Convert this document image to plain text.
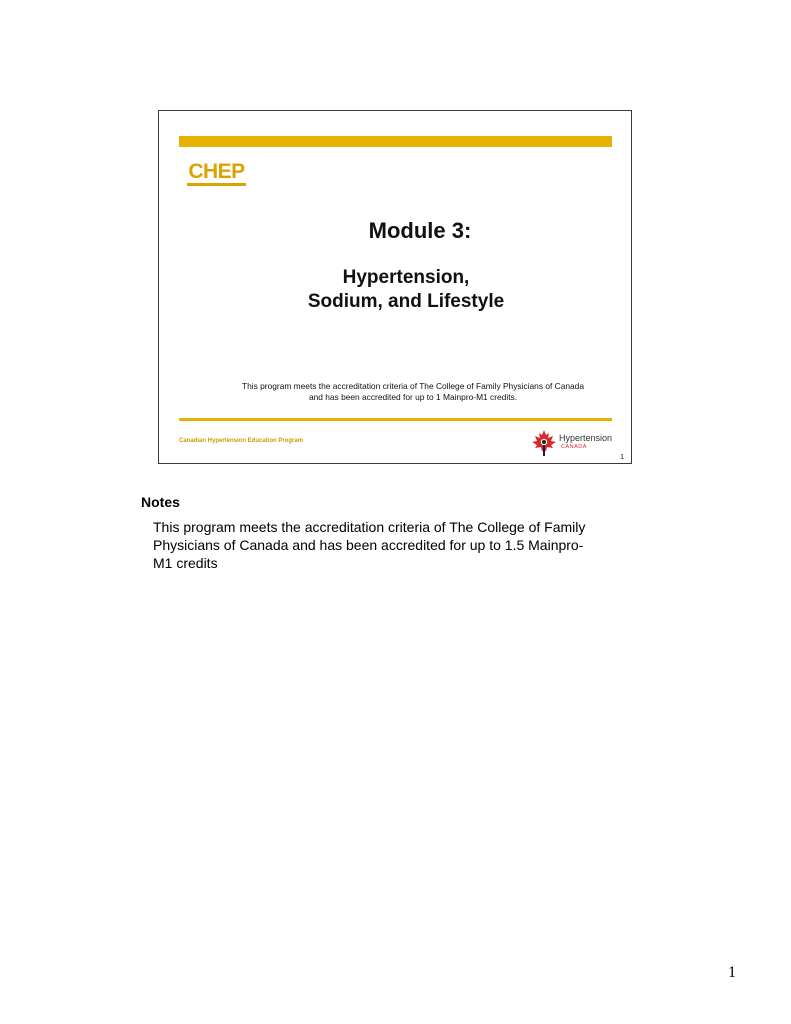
CHEP
Module 3:
Hypertension,
Sodium, and Lifestyle
This program meets the accreditation criteria of The College of Family Physicians of Canada
and has been accredited for up to 1 Mainpro-M1 credits.
Canadian Hypertension Education Program	Hypertension
CANADA
1
Notes
This program meets the accreditation criteria of The College of Family
Physicians of Canada and has been accredited for up to 1.5 Mainpro-
M1 credits
1
